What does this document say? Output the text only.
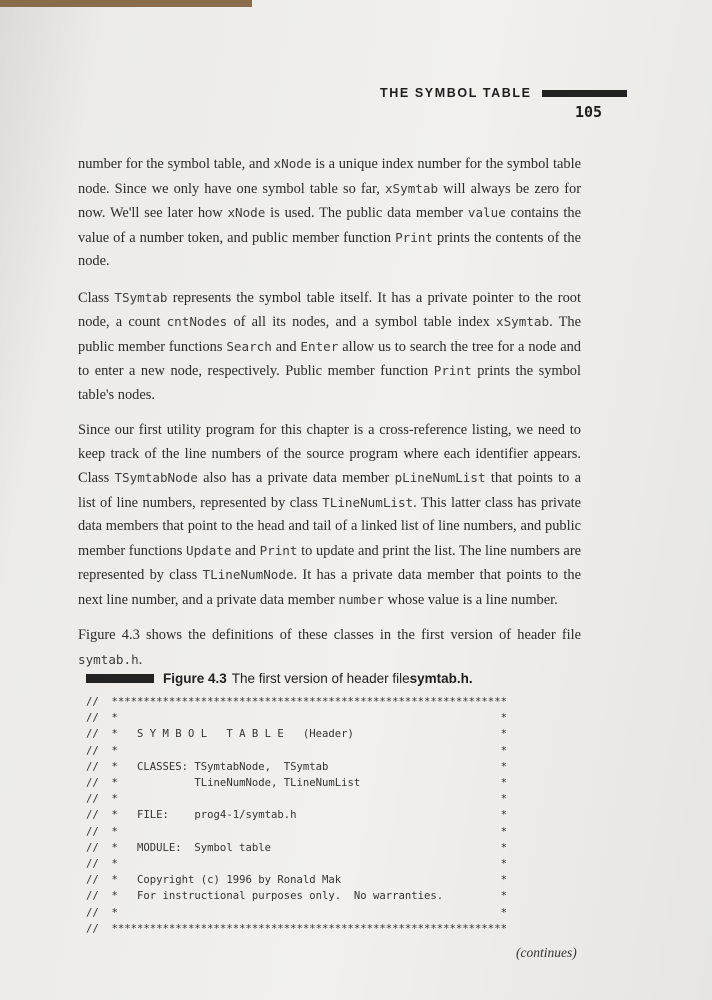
THE SYMBOL TABLE
105

number for the symbol table, and xNode is a unique index number for the symbol table node. Since we only have one symbol table so far, xSymtab will always be zero for now. We'll see later how xNode is used. The public data member value contains the value of a number token, and public member function Print prints the contents of the node.

Class TSymtab represents the symbol table itself. It has a private pointer to the root node, a count cntNodes of all its nodes, and a symbol table index xSymtab. The public member functions Search and Enter allow us to search the tree for a node and to enter a new node, respectively. Public member function Print prints the symbol table's nodes.

Since our first utility program for this chapter is a cross-reference listing, we need to keep track of the line numbers of the source program where each identifier appears. Class TSymtabNode also has a private data member pLineNumList that points to a list of line numbers, represented by class TLineNumList. This latter class has private data members that point to the head and tail of a linked list of line numbers, and public member functions Update and Print to update and print the list. The line numbers are represented by class TLineNumNode. It has a private data member that points to the next line number, and a private data member number whose value is a line number.

Figure 4.3 shows the definitions of these classes in the first version of header file symtab.h.

Figure 4.3 The first version of header file symtab.h.
//  **************************************************************
//  *                                                            *
//  *   S Y M B O L   T A B L E   (Header)                       *
//  *                                                            *
//  *   CLASSES: TSymtabNode,  TSymtab                           *
//  *            TLineNumNode, TLineNumList                      *
//  *                                                            *
//  *   FILE:    prog4-1/symtab.h                                *
//  *                                                            *
//  *   MODULE:  Symbol table                                    *
//  *                                                            *
//  *   Copyright (c) 1996 by Ronald Mak                         *
//  *   For instructional purposes only.  No warranties.         *
//  *                                                            *
//  **************************************************************
(continues)
